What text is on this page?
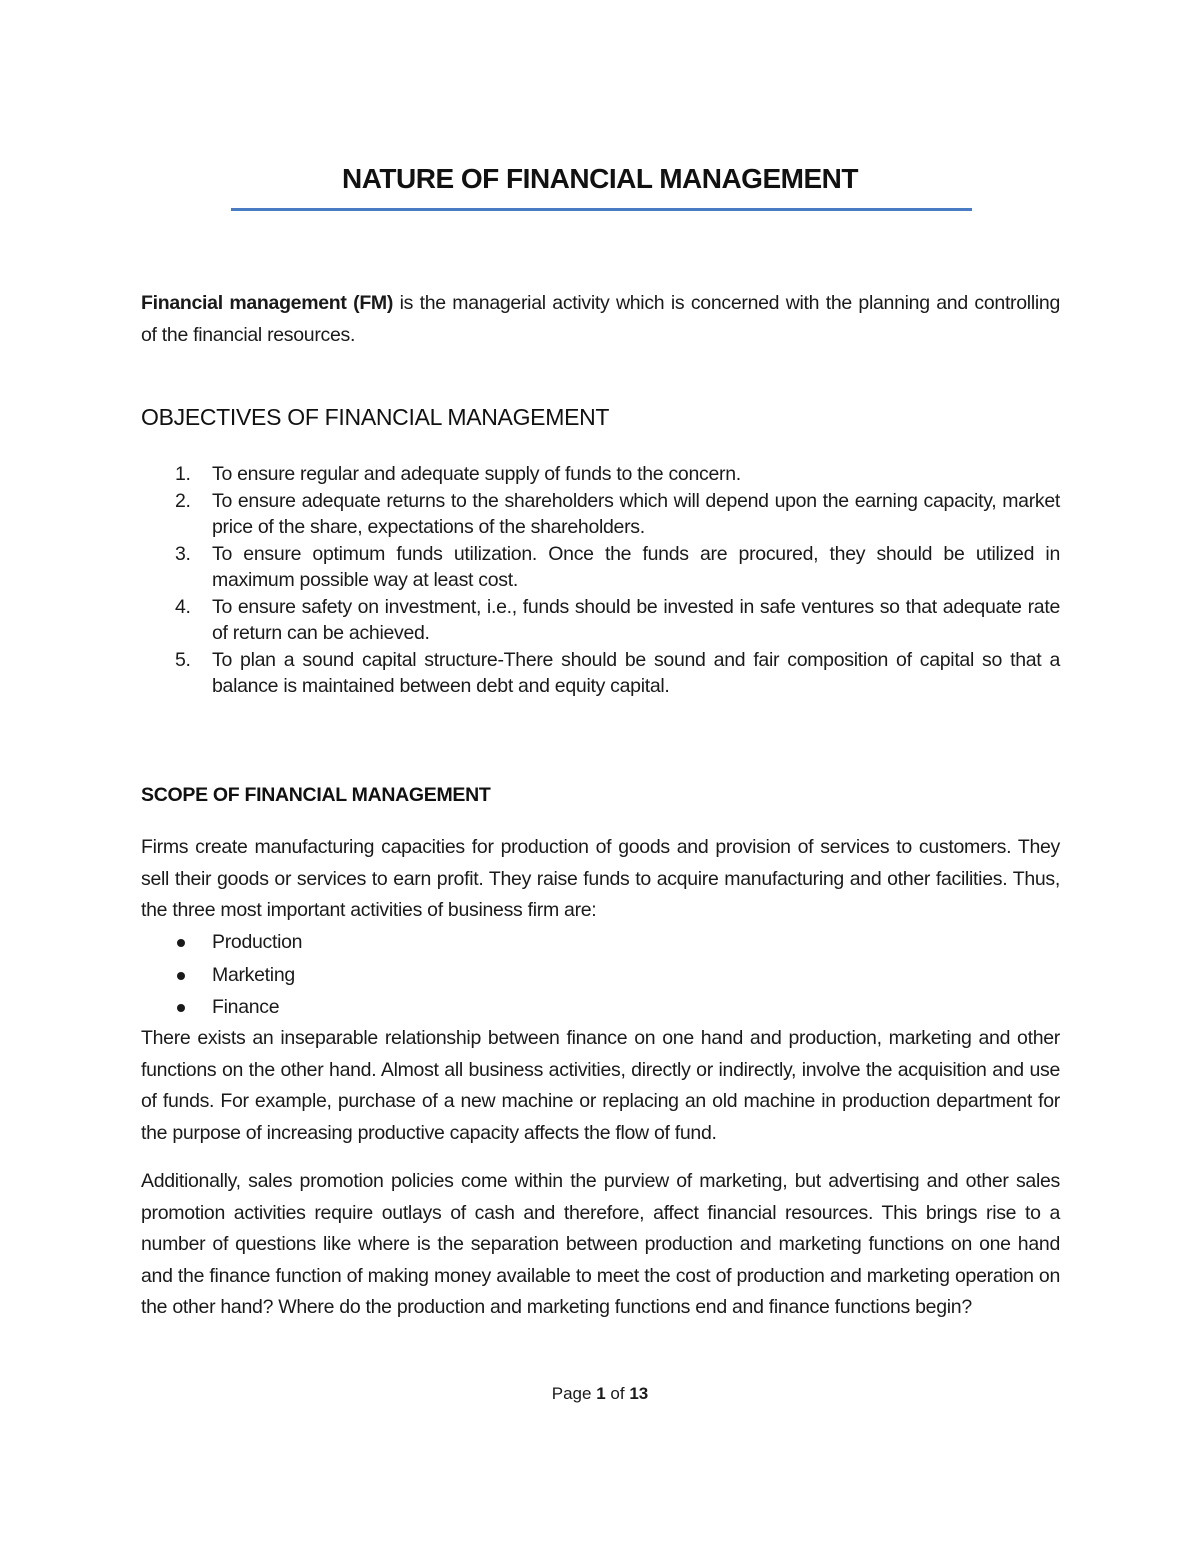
NATURE OF FINANCIAL MANAGEMENT

Financial management (FM) is the managerial activity which is concerned with the planning and controlling of the financial resources.

OBJECTIVES OF FINANCIAL MANAGEMENT
1. To ensure regular and adequate supply of funds to the concern.
2. To ensure adequate returns to the shareholders which will depend upon the earning capacity, market price of the share, expectations of the shareholders.
3. To ensure optimum funds utilization. Once the funds are procured, they should be utilized in maximum possible way at least cost.
4. To ensure safety on investment, i.e., funds should be invested in safe ventures so that adequate rate of return can be achieved.
5. To plan a sound capital structure-There should be sound and fair composition of capital so that a balance is maintained between debt and equity capital.
SCOPE OF FINANCIAL MANAGEMENT

Firms create manufacturing capacities for production of goods and provision of services to customers. They sell their goods or services to earn profit. They raise funds to acquire manufacturing and other facilities. Thus, the three most important activities of business firm are:

Production
Marketing
Finance

There exists an inseparable relationship between finance on one hand and production, marketing and other functions on the other hand. Almost all business activities, directly or indirectly, involve the acquisition and use of funds. For example, purchase of a new machine or replacing an old machine in production department for the purpose of increasing productive capacity affects the flow of fund.

Additionally, sales promotion policies come within the purview of marketing, but advertising and other sales promotion activities require outlays of cash and therefore, affect financial resources. This brings rise to a number of questions like where is the separation between production and marketing functions on one hand and the finance function of making money available to meet the cost of production and marketing operation on the other hand? Where do the production and marketing functions end and finance functions begin?

Page 1 of 13
